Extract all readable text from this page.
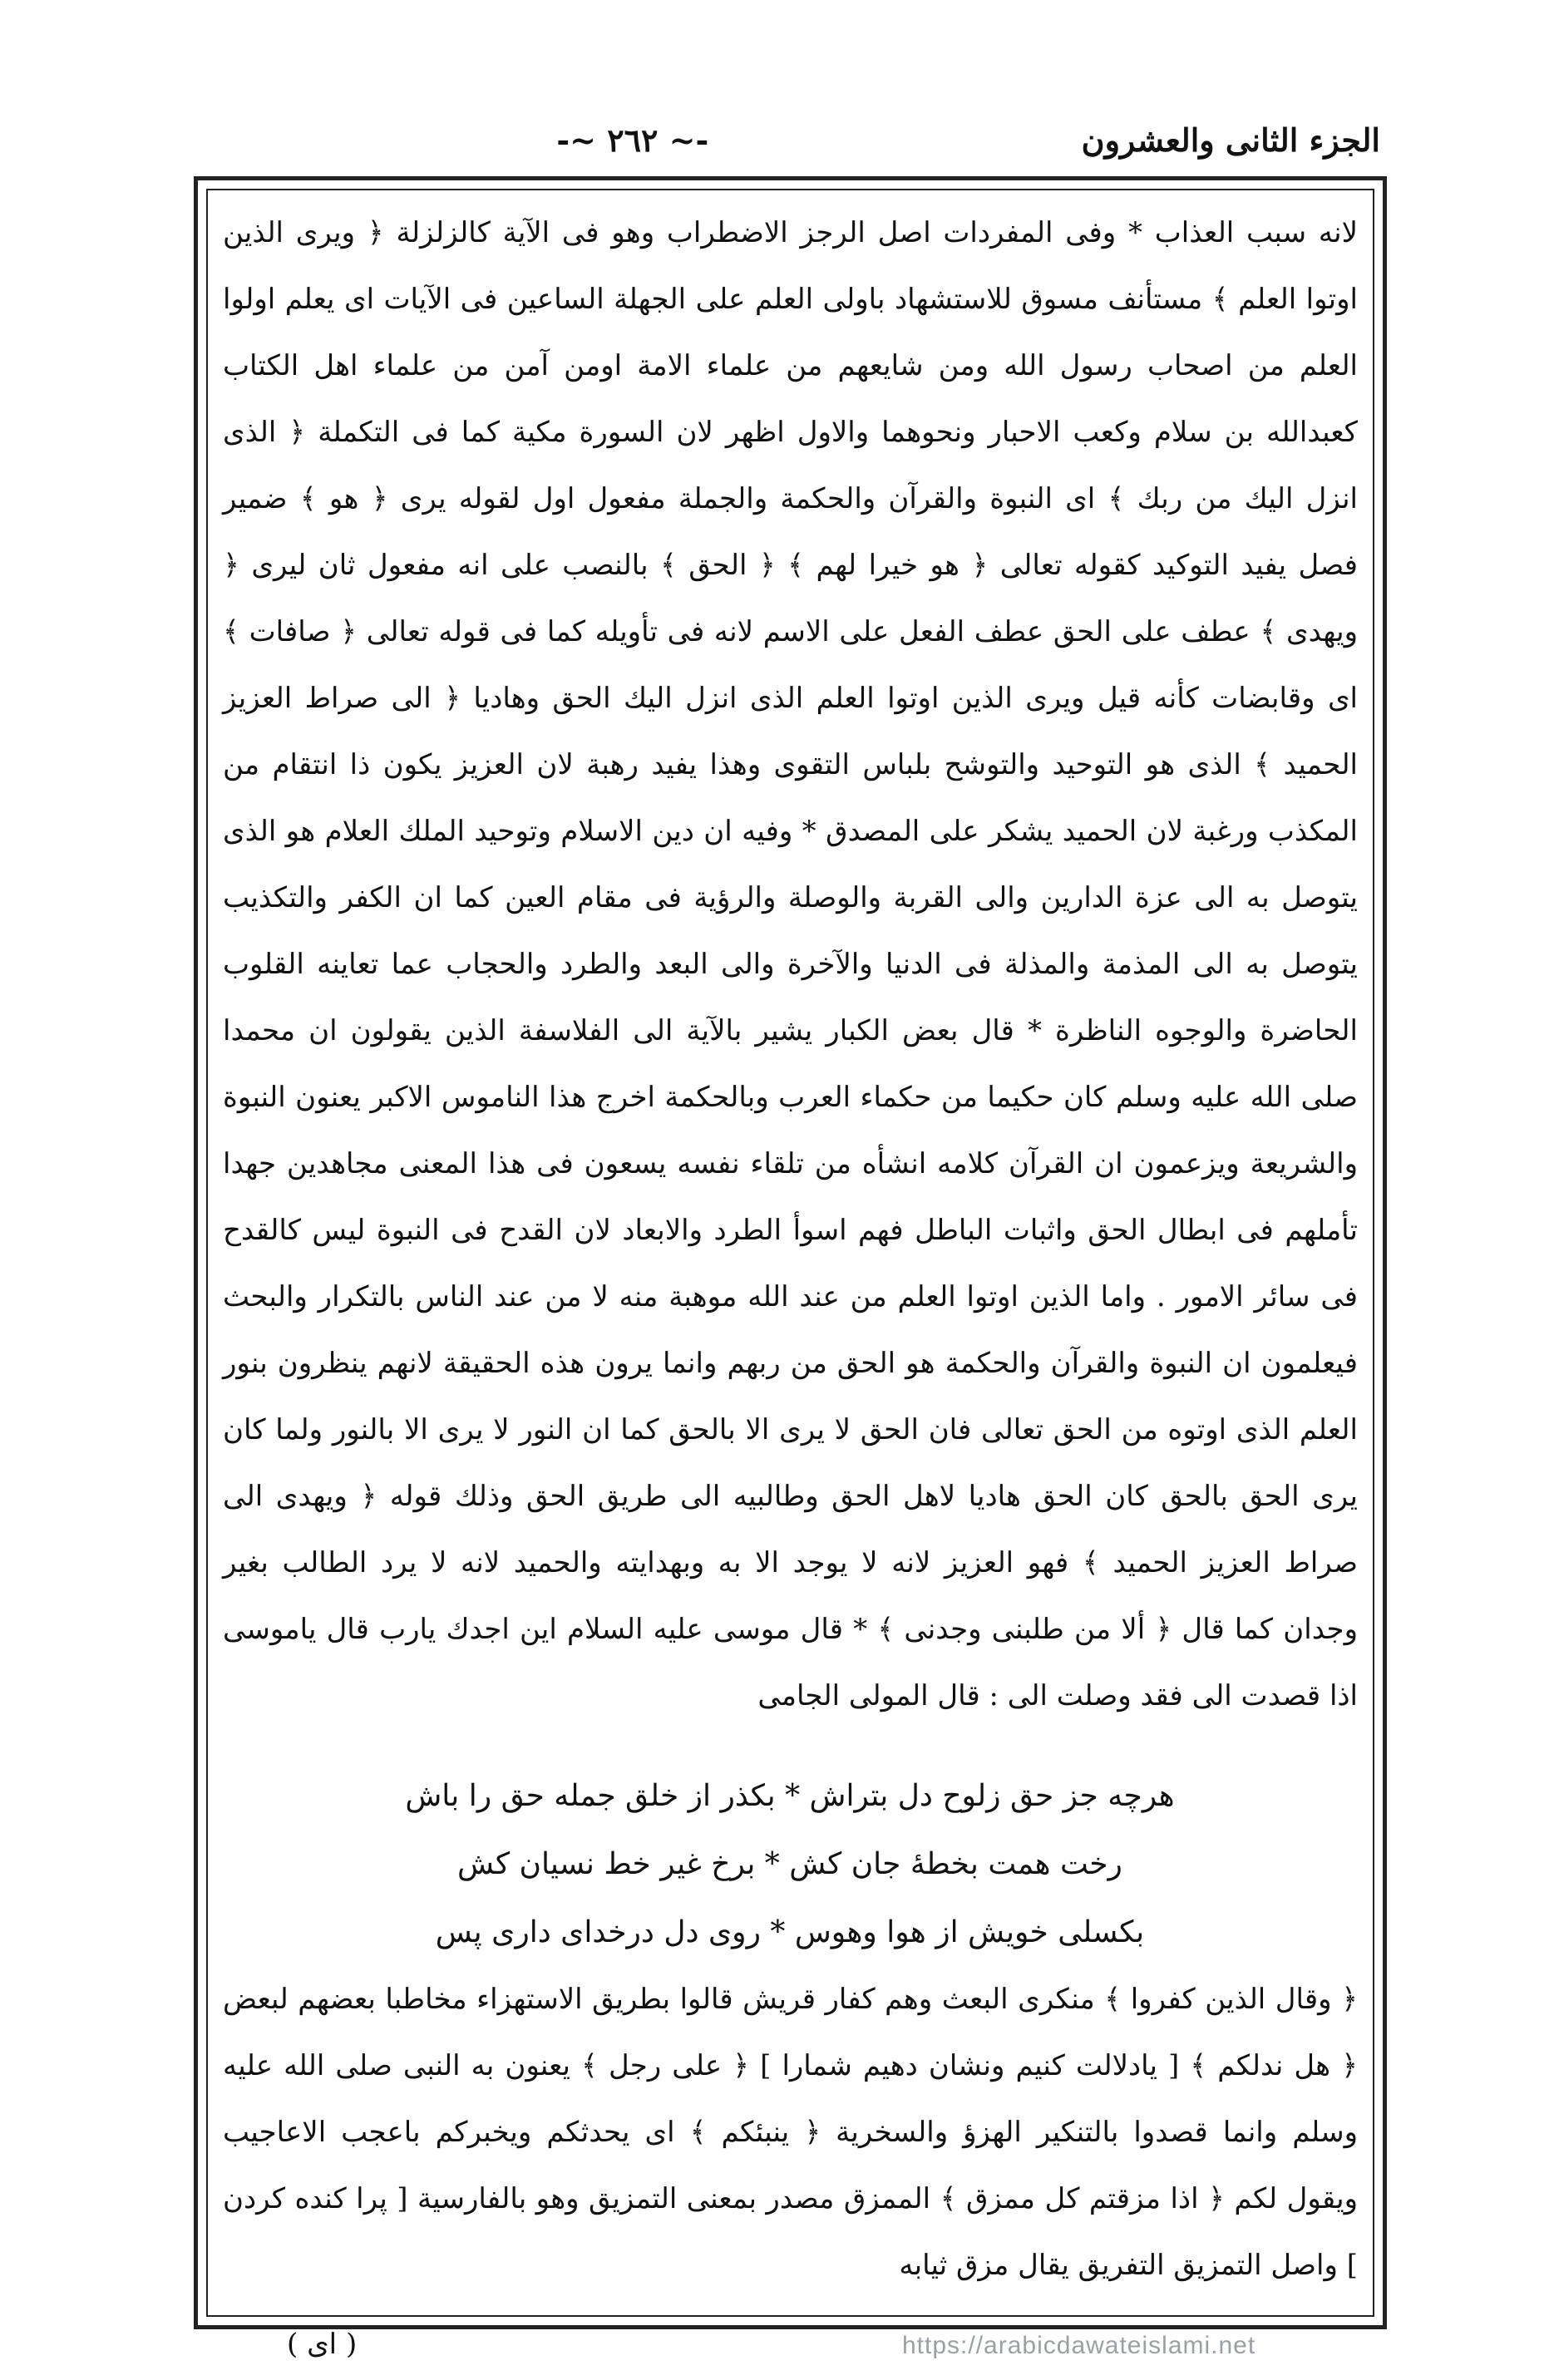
الجزء الثانى والعشرون
-~ ٢٦٢ ~-

لانه سبب العذاب * وفى المفردات اصل الرجز الاضطراب وهو فى الآية كالزلزلة ﴿ ويرى الذين اوتوا العلم ﴾ مستأنف مسوق للاستشهاد باولى العلم على الجهلة الساعين فى الآيات اى يعلم اولوا العلم من اصحاب رسول الله ومن شايعهم من علماء الامة اومن آمن من علماء اهل الكتاب كعبدالله بن سلام وكعب الاحبار ونحوهما والاول اظهر لان السورة مكية كما فى التكملة ﴿ الذى انزل اليك من ربك ﴾ اى النبوة والقرآن والحكمة والجملة مفعول اول لقوله يرى ﴿ هو ﴾ ضمير فصل يفيد التوكيد كقوله تعالى ﴿ هو خيرا لهم ﴾ ﴿ الحق ﴾ بالنصب على انه مفعول ثان ليرى ﴿ ويهدى ﴾ عطف على الحق عطف الفعل على الاسم لانه فى تأويله كما فى قوله تعالى ﴿ صافات ﴾ اى وقابضات كأنه قيل ويرى الذين اوتوا العلم الذى انزل اليك الحق وهاديا ﴿ الى صراط العزيز الحميد ﴾ الذى هو التوحيد والتوشح بلباس التقوى وهذا يفيد رهبة لان العزيز يكون ذا انتقام من المكذب ورغبة لان الحميد يشكر على المصدق * وفيه ان دين الاسلام وتوحيد الملك العلام هو الذى يتوصل به الى عزة الدارين والى القربة والوصلة والرؤية فى مقام العين كما ان الكفر والتكذيب يتوصل به الى المذمة والمذلة فى الدنيا والآخرة والى البعد والطرد والحجاب عما تعاينه القلوب الحاضرة والوجوه الناظرة * قال بعض الكبار يشير بالآية الى الفلاسفة الذين يقولون ان محمدا صلى الله عليه وسلم كان حكيما من حكماء العرب وبالحكمة اخرج هذا الناموس الاكبر يعنون النبوة والشريعة ويزعمون ان القرآن كلامه انشأه من تلقاء نفسه يسعون فى هذا المعنى مجاهدين جهدا تأملهم فى ابطال الحق واثبات الباطل فهم اسوأ الطرد والابعاد لان القدح فى النبوة ليس كالقدح فى سائر الامور . واما الذين اوتوا العلم من عند الله موهبة منه لا من عند الناس بالتكرار والبحث فيعلمون ان النبوة والقرآن والحكمة هو الحق من ربهم وانما يرون هذه الحقيقة لانهم ينظرون بنور العلم الذى اوتوه من الحق تعالى فان الحق لا يرى الا بالحق كما ان النور لا يرى الا بالنور ولما كان يرى الحق بالحق كان الحق هاديا لاهل الحق وطالبيه الى طريق الحق وذلك قوله ﴿ ويهدى الى صراط العزيز الحميد ﴾ فهو العزيز لانه لا يوجد الا به وبهدايته والحميد لانه لا يرد الطالب بغير وجدان كما قال ﴿ ألا من طلبنى وجدنى ﴾ * قال موسى عليه السلام اين اجدك يارب قال ياموسى اذا قصدت الى فقد وصلت الى : قال المولى الجامى

هرچه جز حق زلوح دل بتراش * بكذر از خلق جمله حق را باش
رخت همت بخطهٔ جان كش * برخ غير خط نسيان كش
بكسلى خويش از هوا وهوس * روى دل درخداى دارى پس

﴿ وقال الذين كفروا ﴾ منكرى البعث وهم كفار قريش قالوا بطريق الاستهزاء مخاطبا بعضهم لبعض ﴿ هل ندلكم ﴾ [ يادلالت كنيم ونشان دهيم شمارا ] ﴿ على رجل ﴾ يعنون به النبى صلى الله عليه وسلم وانما قصدوا بالتنكير الهزؤ والسخرية ﴿ ينبئكم ﴾ اى يحدثكم ويخبركم باعجب الاعاجيب ويقول لكم ﴿ اذا مزقتم كل ممزق ﴾ الممزق مصدر بمعنى التمزيق وهو بالفارسية [ پرا كنده كردن ] واصل التمزيق التفريق يقال مزق ثيابه

( اى )	https://arabicdawateislami.net
